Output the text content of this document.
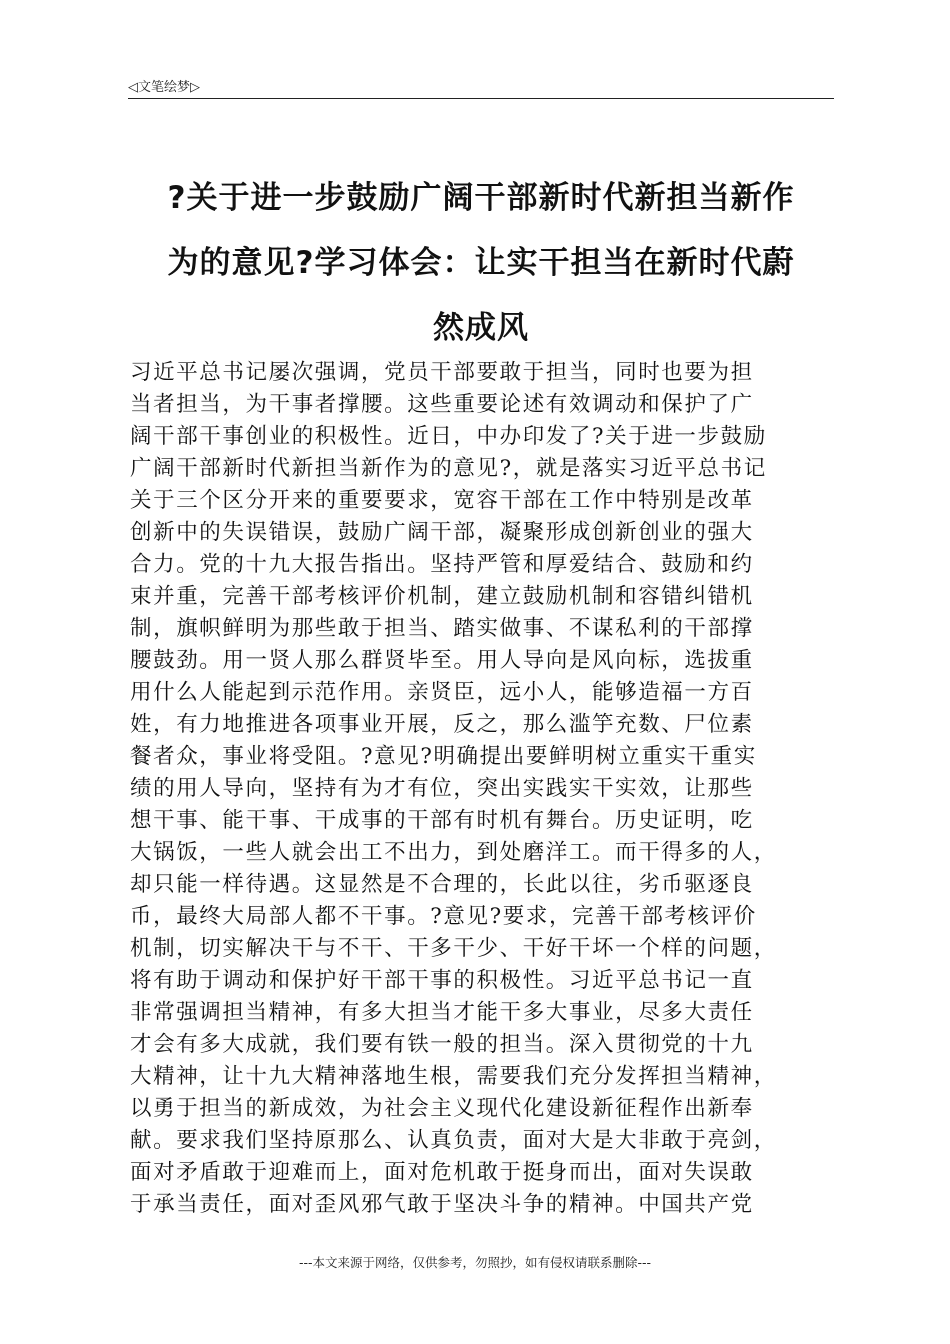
◁文笔绘梦▷
?关于进一步鼓励广阔干部新时代新担当新作
为的意见?学习体会：让实干担当在新时代蔚
然成风
习近平总书记屡次强调，党员干部要敢于担当，同时也要为担
当者担当，为干事者撑腰。这些重要论述有效调动和保护了广
阔干部干事创业的积极性。近日，中办印发了?关于进一步鼓励
广阔干部新时代新担当新作为的意见?，就是落实习近平总书记
关于三个区分开来的重要要求，宽容干部在工作中特别是改革
创新中的失误错误，鼓励广阔干部，凝聚形成创新创业的强大
合力。党的十九大报告指出。坚持严管和厚爱结合、鼓励和约
束并重，完善干部考核评价机制，建立鼓励机制和容错纠错机
制，旗帜鲜明为那些敢于担当、踏实做事、不谋私利的干部撑
腰鼓劲。用一贤人那么群贤毕至。用人导向是风向标，选拔重
用什么人能起到示范作用。亲贤臣，远小人，能够造福一方百
姓，有力地推进各项事业开展，反之，那么滥竽充数、尸位素
餐者众，事业将受阻。?意见?明确提出要鲜明树立重实干重实
绩的用人导向，坚持有为才有位，突出实践实干实效，让那些
想干事、能干事、干成事的干部有时机有舞台。历史证明，吃
大锅饭，一些人就会出工不出力，到处磨洋工。而干得多的人，
却只能一样待遇。这显然是不合理的，长此以往，劣币驱逐良
币，最终大局部人都不干事。?意见?要求，完善干部考核评价
机制，切实解决干与不干、干多干少、干好干坏一个样的问题，
将有助于调动和保护好干部干事的积极性。习近平总书记一直
非常强调担当精神，有多大担当才能干多大事业，尽多大责任
才会有多大成就，我们要有铁一般的担当。深入贯彻党的十九
大精神，让十九大精神落地生根，需要我们充分发挥担当精神，
以勇于担当的新成效，为社会主义现代化建设新征程作出新奉
献。要求我们坚持原那么、认真负责，面对大是大非敢于亮剑，
面对矛盾敢于迎难而上，面对危机敢于挺身而出，面对失误敢
于承当责任，面对歪风邪气敢于坚决斗争的精神。中国共产党
---本文来源于网络，仅供参考，勿照抄，如有侵权请联系删除---
